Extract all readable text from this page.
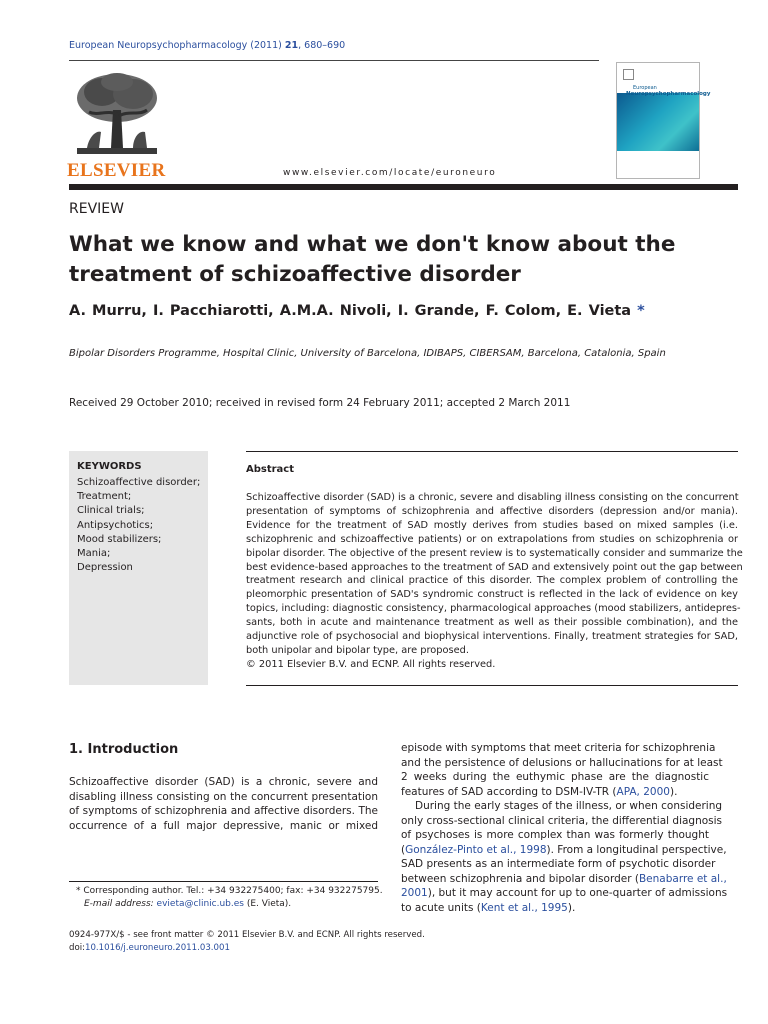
European Neuropsychopharmacology (2011) 21, 680–690
ELSEVIER	www.elsevier.com/locate/euroneuro
European
Neuropsychopharmacology
REVIEW
What we know and what we don't know about the
treatment of schizoaffective disorder
A. Murru, I. Pacchiarotti, A.M.A. Nivoli, I. Grande, F. Colom, E. Vieta *
Bipolar Disorders Programme, Hospital Clinic, University of Barcelona, IDIBAPS, CIBERSAM, Barcelona, Catalonia, Spain
Received 29 October 2010; received in revised form 24 February 2011; accepted 2 March 2011
KEYWORDS
Schizoaffective disorder;
Treatment;
Clinical trials;
Antipsychotics;
Mood stabilizers;
Mania;
Depression
Abstract
Schizoaffective disorder (SAD) is a chronic, severe and disabling illness consisting on the concurrent
presentation of symptoms of schizophrenia and affective disorders (depression and/or mania).
Evidence for the treatment of SAD mostly derives from studies based on mixed samples (i.e.
schizophrenic and schizoaffective patients) or on extrapolations from studies on schizophrenia or
bipolar disorder. The objective of the present review is to systematically consider and summarize the
best evidence-based approaches to the treatment of SAD and extensively point out the gap between
treatment research and clinical practice of this disorder. The complex problem of controlling the
pleomorphic presentation of SAD's syndromic construct is reflected in the lack of evidence on key
topics, including: diagnostic consistency, pharmacological approaches (mood stabilizers, antidepres-
sants, both in acute and maintenance treatment as well as their possible combination), and the
adjunctive role of psychosocial and biophysical interventions. Finally, treatment strategies for SAD,
both unipolar and bipolar type, are proposed.
© 2011 Elsevier B.V. and ECNP. All rights reserved.
1. Introduction
Schizoaffective disorder (SAD) is a chronic, severe and
disabling illness consisting on the concurrent presentation
of symptoms of schizophrenia and affective disorders. The
occurrence of a full major depressive, manic or mixed
episode with symptoms that meet criteria for schizophrenia
and the persistence of delusions or hallucinations for at least
2 weeks during the euthymic phase are the diagnostic
features of SAD according to DSM-IV-TR (APA, 2000).
During the early stages of the illness, or when considering
only cross-sectional clinical criteria, the differential diagnosis
of psychoses is more complex than was formerly thought
(González-Pinto et al., 1998). From a longitudinal perspective,
SAD presents as an intermediate form of psychotic disorder
between schizophrenia and bipolar disorder (Benabarre et al.,
2001), but it may account for up to one-quarter of admissions
to acute units (Kent et al., 1995).
* Corresponding author. Tel.: +34 932275400; fax: +34 932275795.
E-mail address: evieta@clinic.ub.es (E. Vieta).
0924-977X/$ - see front matter © 2011 Elsevier B.V. and ECNP. All rights reserved.
doi:10.1016/j.euroneuro.2011.03.001
